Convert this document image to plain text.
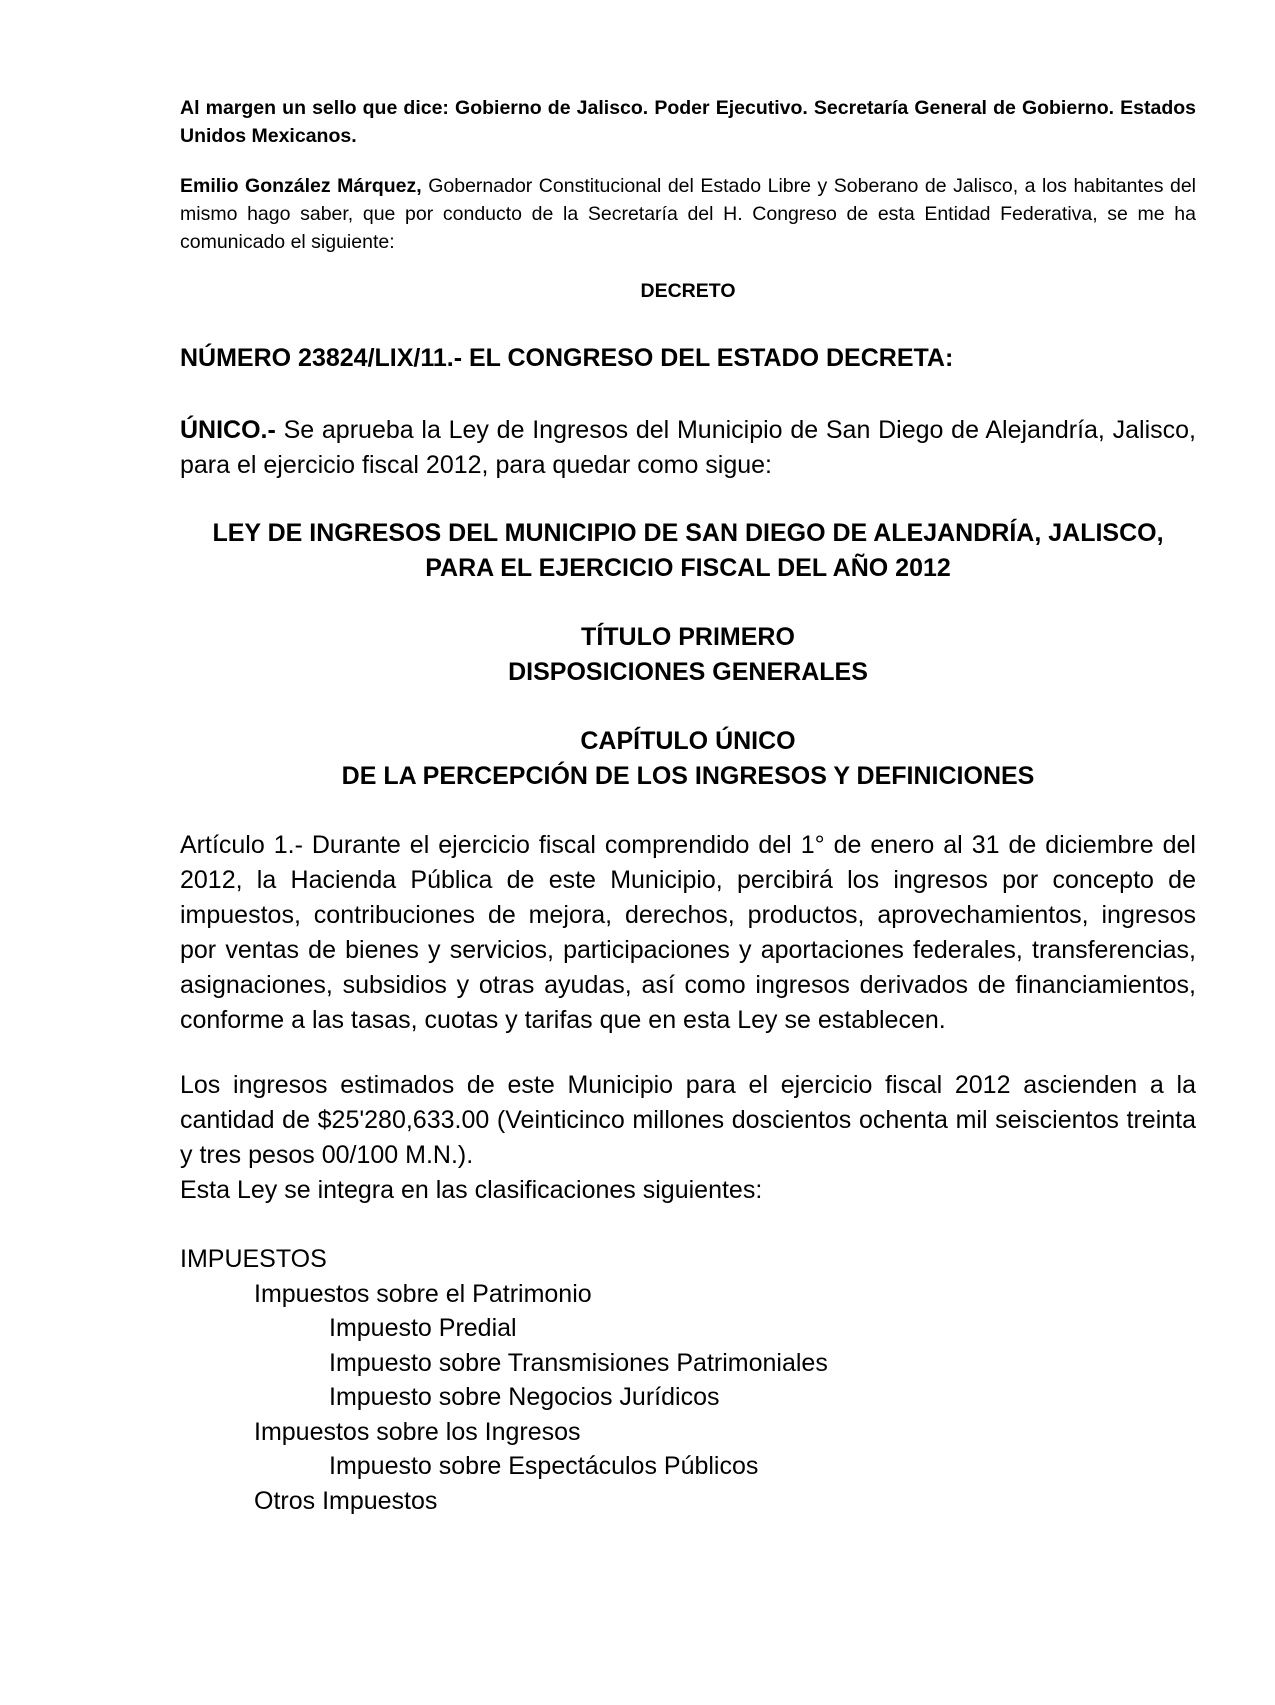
Al margen un sello que dice: Gobierno de Jalisco. Poder Ejecutivo. Secretaría General de Gobierno. Estados Unidos Mexicanos.
Emilio González Márquez, Gobernador Constitucional del Estado Libre y Soberano de Jalisco, a los habitantes del mismo hago saber, que por conducto de la Secretaría del H. Congreso de esta Entidad Federativa, se me ha comunicado el siguiente:
DECRETO
NÚMERO 23824/LIX/11.- EL CONGRESO DEL ESTADO DECRETA:
ÚNICO.- Se aprueba la Ley de Ingresos del Municipio de San Diego de Alejandría, Jalisco, para el ejercicio fiscal 2012, para quedar como sigue:
LEY DE INGRESOS DEL MUNICIPIO DE SAN DIEGO DE ALEJANDRÍA, JALISCO,
PARA EL EJERCICIO FISCAL DEL AÑO 2012
TÍTULO PRIMERO
DISPOSICIONES GENERALES
CAPÍTULO ÚNICO
DE LA PERCEPCIÓN DE LOS INGRESOS Y DEFINICIONES
Artículo 1.- Durante el ejercicio fiscal comprendido del 1° de enero al 31 de diciembre del 2012, la Hacienda Pública de este Municipio, percibirá los ingresos por concepto de impuestos, contribuciones de mejora, derechos, productos, aprovechamientos, ingresos por ventas de bienes y servicios, participaciones y aportaciones federales, transferencias, asignaciones, subsidios y otras ayudas, así como ingresos derivados de financiamientos, conforme a las tasas, cuotas y tarifas que en esta Ley se establecen.
Los ingresos estimados de este Municipio para el ejercicio fiscal 2012 ascienden a la cantidad de $25'280,633.00 (Veinticinco millones doscientos ochenta mil seiscientos treinta y tres pesos 00/100 M.N.).
Esta Ley se integra en las clasificaciones siguientes:
IMPUESTOS
Impuestos sobre el Patrimonio
Impuesto Predial
Impuesto sobre Transmisiones Patrimoniales
Impuesto sobre Negocios Jurídicos
Impuestos sobre los Ingresos
Impuesto sobre Espectáculos Públicos
Otros Impuestos
